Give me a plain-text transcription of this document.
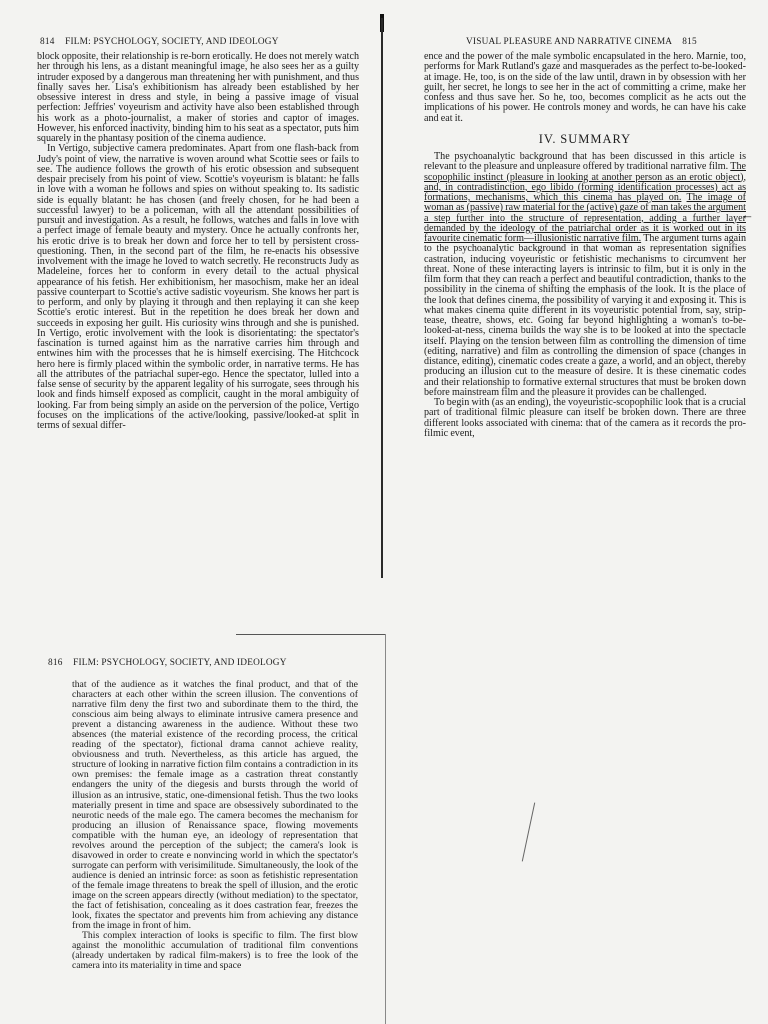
814 FILM: PSYCHOLOGY, SOCIETY, AND IDEOLOGY

block opposite, their relationship is re-born erotically. He does not merely watch her through his lens, as a distant meaningful image, he also sees her as a guilty intruder exposed by a dangerous man threatening her with punishment, and thus finally saves her. Lisa's exhibitionism has already been established by her obsessive interest in dress and style, in being a passive image of visual perfection: Jeffries' voyeurism and activity have also been established through his work as a photo-journalist, a maker of stories and captor of images. However, his enforced inactivity, binding him to his seat as a spectator, puts him squarely in the phantasy position of the cinema audience.

In Vertigo, subjective camera predominates. Apart from one flash-back from Judy's point of view, the narrative is woven around what Scottie sees or fails to see. The audience follows the growth of his erotic obsession and subsequent despair precisely from his point of view. Scottie's voyeurism is blatant: he falls in love with a woman he follows and spies on without speaking to. Its sadistic side is equally blatant: he has chosen (and freely chosen, for he had been a successful lawyer) to be a policeman, with all the attendant possibilities of pursuit and investigation. As a result, he follows, watches and falls in love with a perfect image of female beauty and mystery. Once he actually confronts her, his erotic drive is to break her down and force her to tell by persistent cross-questioning. Then, in the second part of the film, he re-enacts his obsessive involvement with the image he loved to watch secretly. He reconstructs Judy as Madeleine, forces her to conform in every detail to the actual physical appearance of his fetish. Her exhibitionism, her masochism, make her an ideal passive counterpart to Scottie's active sadistic voyeurism. She knows her part is to perform, and only by playing it through and then replaying it can she keep Scottie's erotic interest. But in the repetition he does break her down and succeeds in exposing her guilt. His curiosity wins through and she is punished. In Vertigo, erotic involvement with the look is disorientating: the spectator's fascination is turned against him as the narrative carries him through and entwines him with the processes that he is himself exercising. The Hitchcock hero here is firmly placed within the symbolic order, in narrative terms. He has all the attributes of the patriachal super-ego. Hence the spectator, lulled into a false sense of security by the apparent legality of his surrogate, sees through his look and finds himself exposed as complicit, caught in the moral ambiguity of looking. Far from being simply an aside on the perversion of the police, Vertigo focuses on the implications of the active/looking, passive/looked-at split in terms of sexual differ-

VISUAL PLEASURE AND NARRATIVE CINEMA 815

ence and the power of the male symbolic encapsulated in the hero. Marnie, too, performs for Mark Rutland's gaze and masquerades as the perfect to-be-looked-at image. He, too, is on the side of the law until, drawn in by obsession with her guilt, her secret, he longs to see her in the act of committing a crime, make her confess and thus save her. So he, too, becomes complicit as he acts out the implications of his power. He controls money and words, he can have his cake and eat it.

IV. SUMMARY

The psychoanalytic background that has been discussed in this article is relevant to the pleasure and unpleasure offered by traditional narrative film. The scopophilic instinct (pleasure in looking at another person as an erotic object), and, in contradistinction, ego libido (forming identification processes) act as formations, mechanisms, which this cinema has played on. The image of woman as (passive) raw material for the (active) gaze of man takes the argument a step further into the structure of representation, adding a further layer demanded by the ideology of the patriarchal order as it is worked out in its favourite cinematic form—illusionistic narrative film. The argument turns again to the psychoanalytic background in that woman as representation signifies castration, inducing voyeuristic or fetishistic mechanisms to circumvent her threat. None of these interacting layers is intrinsic to film, but it is only in the film form that they can reach a perfect and beautiful contradiction, thanks to the possibility in the cinema of shifting the emphasis of the look. It is the place of the look that defines cinema, the possibility of varying it and exposing it. This is what makes cinema quite different in its voyeuristic potential from, say, strip-tease, theatre, shows, etc. Going far beyond highlighting a woman's to-be-looked-at-ness, cinema builds the way she is to be looked at into the spectacle itself. Playing on the tension between film as controlling the dimension of time (editing, narrative) and film as controlling the dimension of space (changes in distance, editing), cinematic codes create a gaze, a world, and an object, thereby producing an illusion cut to the measure of desire. It is these cinematic codes and their relationship to formative external structures that must be broken down before mainstream film and the pleasure it provides can be challenged.

To begin with (as an ending), the voyeuristic-scopophilic look that is a crucial part of traditional filmic pleasure can itself be broken down. There are three different looks associated with cinema: that of the camera as it records the pro-filmic event,

←
816 FILM: PSYCHOLOGY, SOCIETY, AND IDEOLOGY

that of the audience as it watches the final product, and that of the characters at each other within the screen illusion. The conventions of narrative film deny the first two and subordinate them to the third, the conscious aim being always to eliminate intrusive camera presence and prevent a distancing awareness in the audience. Without these two absences (the material existence of the recording process, the critical reading of the spectator), fictional drama cannot achieve reality, obviousness and truth. Nevertheless, as this article has argued, the structure of looking in narrative fiction film contains a contradiction in its own premises: the female image as a castration threat constantly endangers the unity of the diegesis and bursts through the world of illusion as an intrusive, static, one-dimensional fetish. Thus the two looks materially present in time and space are obsessively subordinated to the neurotic needs of the male ego. The camera becomes the mechanism for producing an illusion of Renaissance space, flowing movements compatible with the human eye, an ideology of representation that revolves around the perception of the subject; the camera's look is disavowed in order to create e nonvincing world in which the spectator's surrogate can perform with verisimilitude. Simultaneously, the look of the audience is denied an intrinsic force: as soon as fetishistic representation of the female image threatens to break the spell of illusion, and the erotic image on the screen appears directly (without mediation) to the spectator, the fact of fetishisation, concealing as it does castration fear, freezes the look, fixates the spectator and prevents him from achieving any distance from the image in front of him.

This complex interaction of looks is specific to film. The first blow against the monolithic accumulation of traditional film conventions (already undertaken by radical film-makers) is to free the look of the camera into its materiality in time and space
